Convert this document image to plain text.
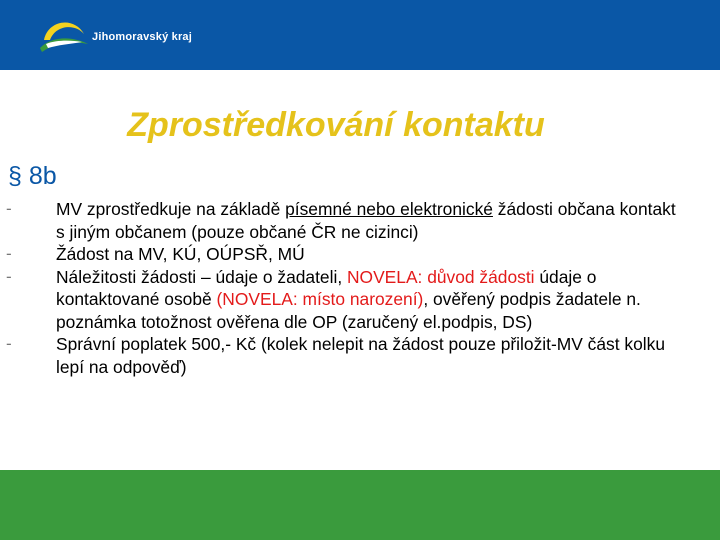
Jihomoravský kraj
Zprostředkování kontaktu
§ 8b
-	MV zprostředkuje na základě písemné nebo elektronické žádosti občana kontakt s jiným občanem (pouze občané ČR ne cizinci)
-	Žádost na MV, KÚ, OÚPSŘ, MÚ
-	Náležitosti žádosti – údaje o žadateli, NOVELA: důvod žádosti údaje o kontaktované osobě (NOVELA: místo narození), ověřený podpis žadatele n. poznámka totožnost ověřena dle OP (zaručený el.podpis, DS)
-	Správní poplatek 500,- Kč (kolek nelepit na žádost pouze přiložit-MV část kolku lepí na odpověď)
